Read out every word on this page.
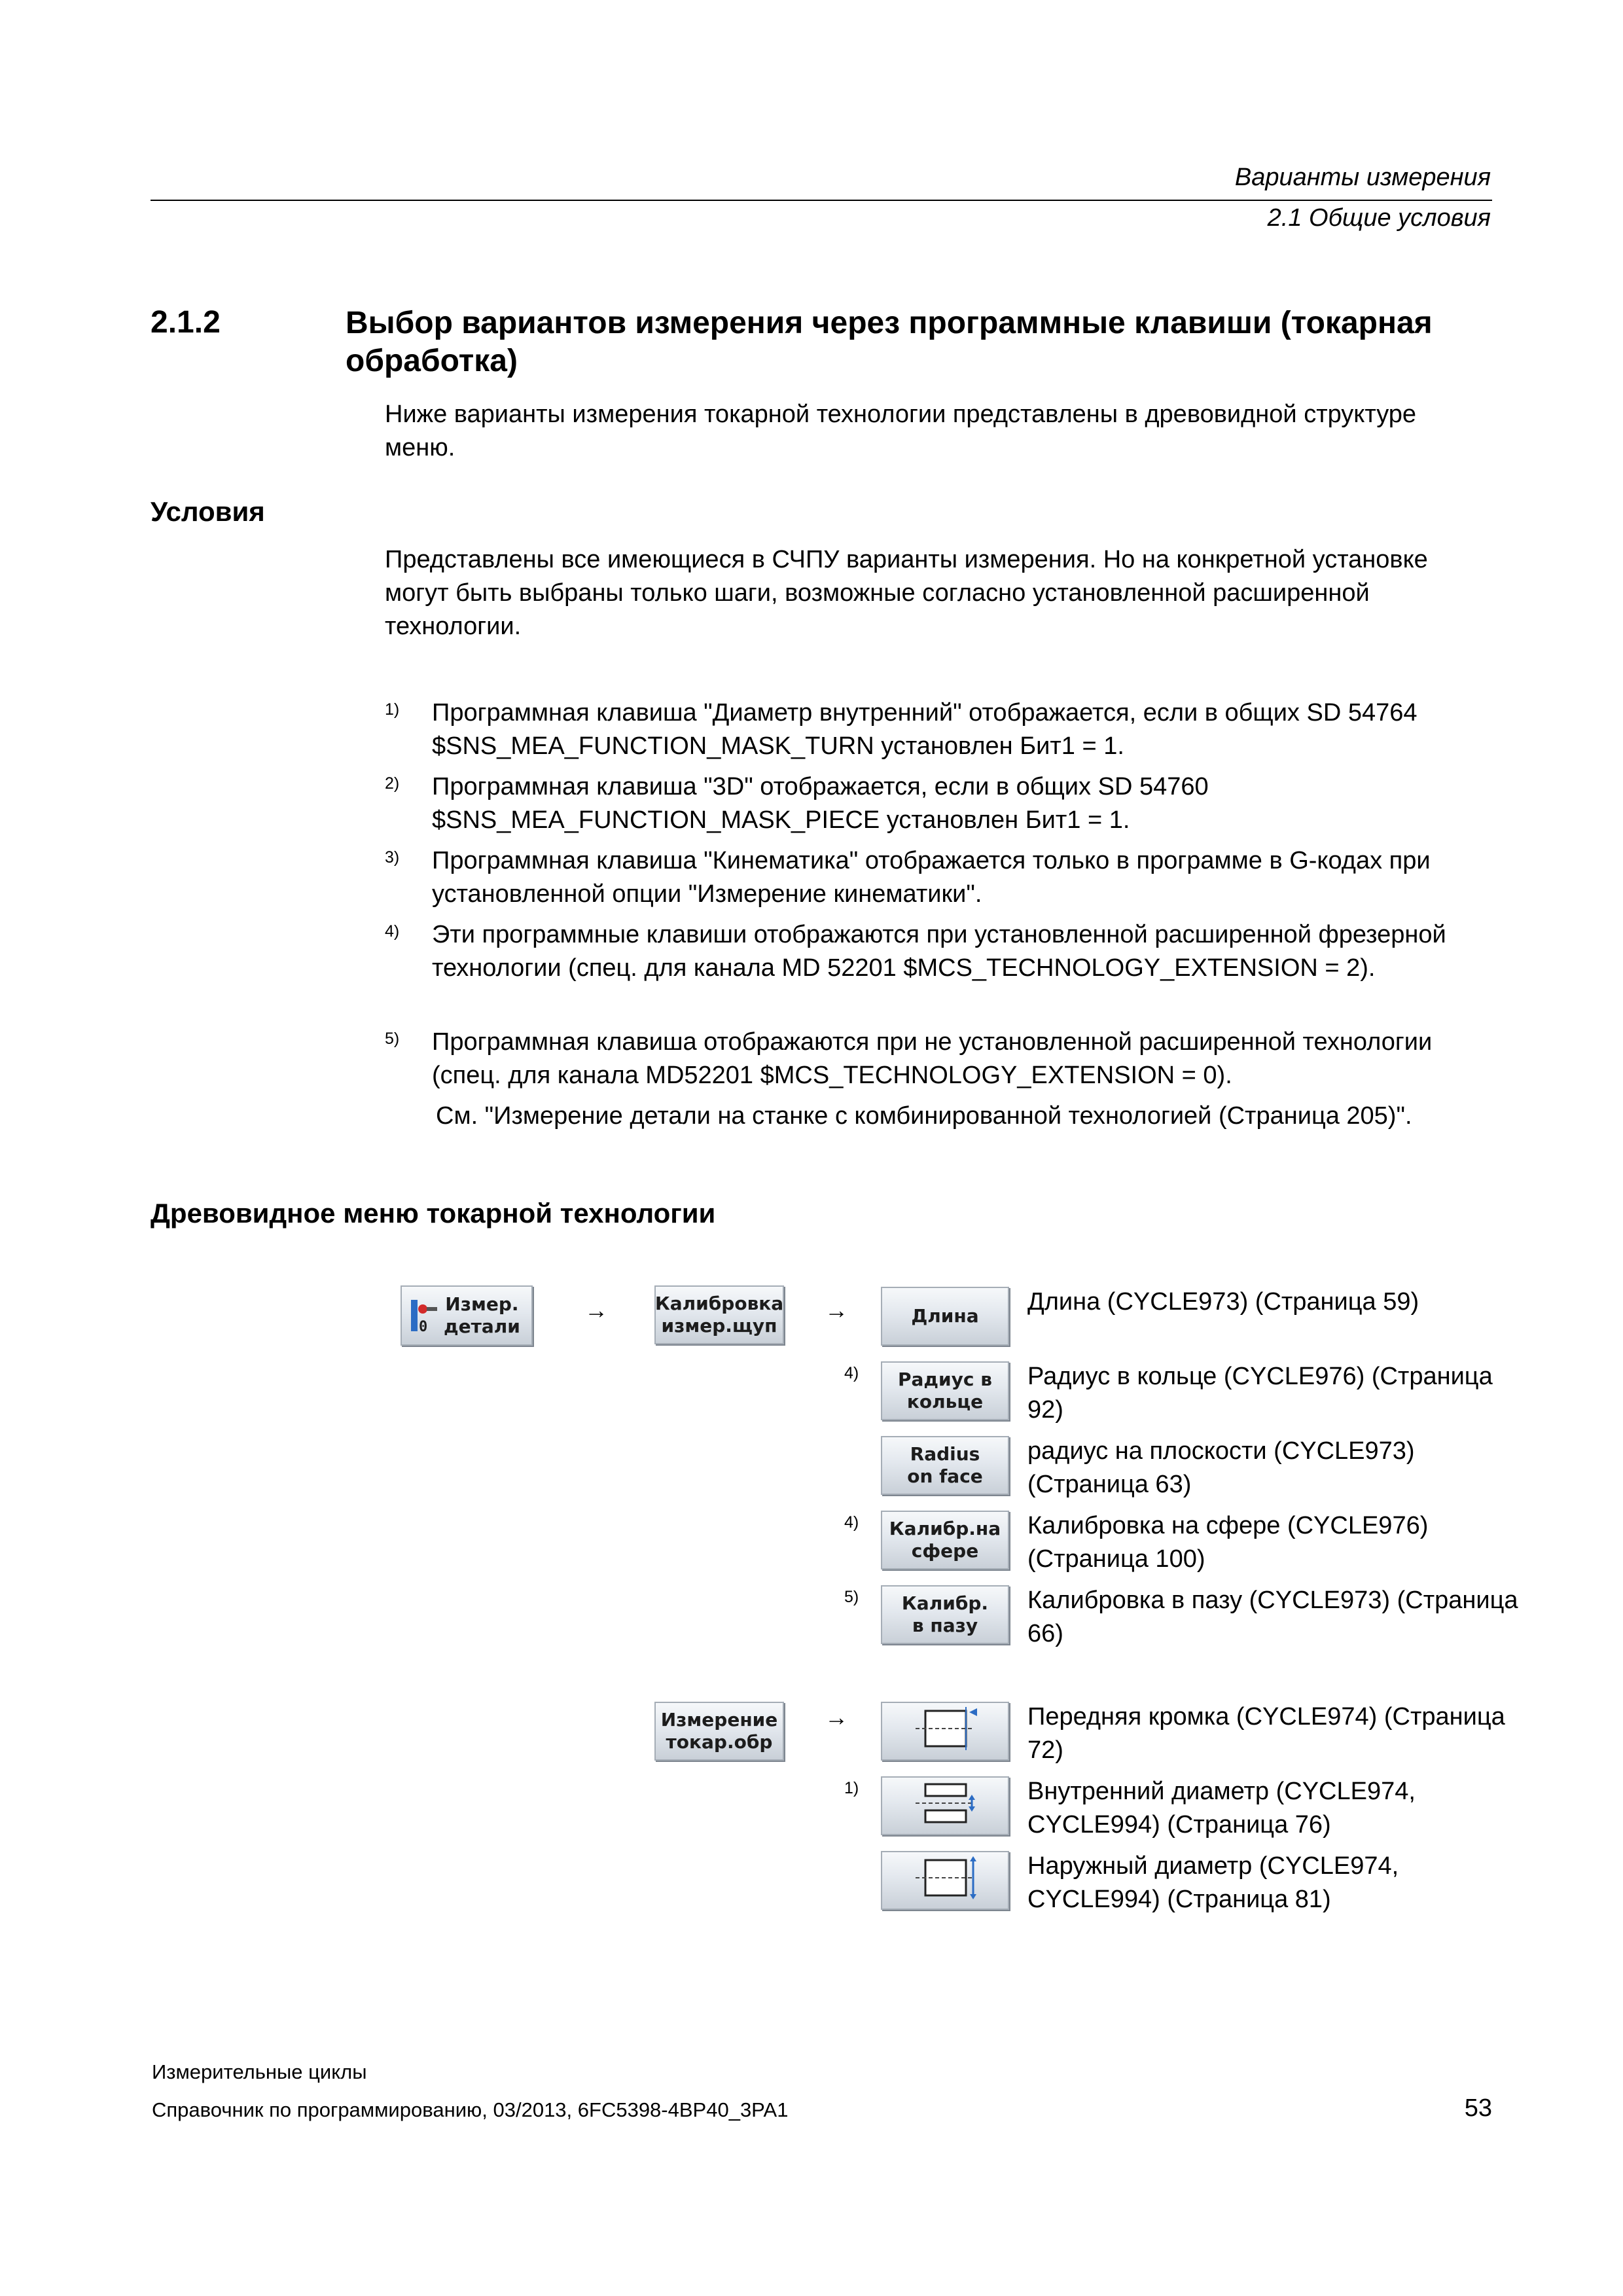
Варианты измерения
2.1 Общие условия
2.1.2	Выбор вариантов измерения через программные клавиши (токарная обработка)
Ниже варианты измерения токарной технологии представлены в древовидной структуре меню.
Условия
Представлены все имеющиеся в СЧПУ варианты измерения. Но на конкретной установке могут быть выбраны только шаги, возможные согласно установленной расширенной технологии.
1) Программная клавиша "Диаметр внутренний" отображается, если в общих SD 54764 $SNS_MEA_FUNCTION_MASK_TURN установлен Бит1 = 1.
2) Программная клавиша "3D" отображается, если в общих SD 54760 $SNS_MEA_FUNCTION_MASK_PIECE установлен Бит1 = 1.
3) Программная клавиша "Кинематика" отображается только в программе в G-кодах при установленной опции "Измерение кинематики".
4) Эти программные клавиши отображаются при установленной расширенной фрезерной технологии (спец. для канала MD 52201 $MCS_TECHNOLOGY_EXTENSION = 2).
5) Программная клавиша отображаются при не установленной расширенной технологии (спец. для канала MD52201 $MCS_TECHNOLOGY_EXTENSION = 0).
См. "Измерение детали на станке с комбинированной технологией (Страница 205)".
Древовидное меню токарной технологии
0
Измер.
детали
→	Калибровка
измер.щуп
→	Длина
Длина (CYCLE973) (Страница 59)
4) Радиус в
кольце
Радиус в кольце (CYCLE976) (Страница 92)
Radius
on face
радиус на плоскости (CYCLE973) (Страница 63)
4) Калибр.на
сфере
Калибровка на сфере (CYCLE976) (Страница 100)
5) Калибр.
в пазу
Калибровка в пазу (CYCLE973) (Страница 66)
Измерение
токар.обр
→	Передняя кромка (CYCLE974) (Страница 72)
1)	Внутренний диаметр (CYCLE974, CYCLE994) (Страница 76)
Наружный диаметр (CYCLE974, CYCLE994) (Страница 81)
Измерительные циклы
Справочник по программированию, 03/2013, 6FC5398-4BP40_3PA1	53
